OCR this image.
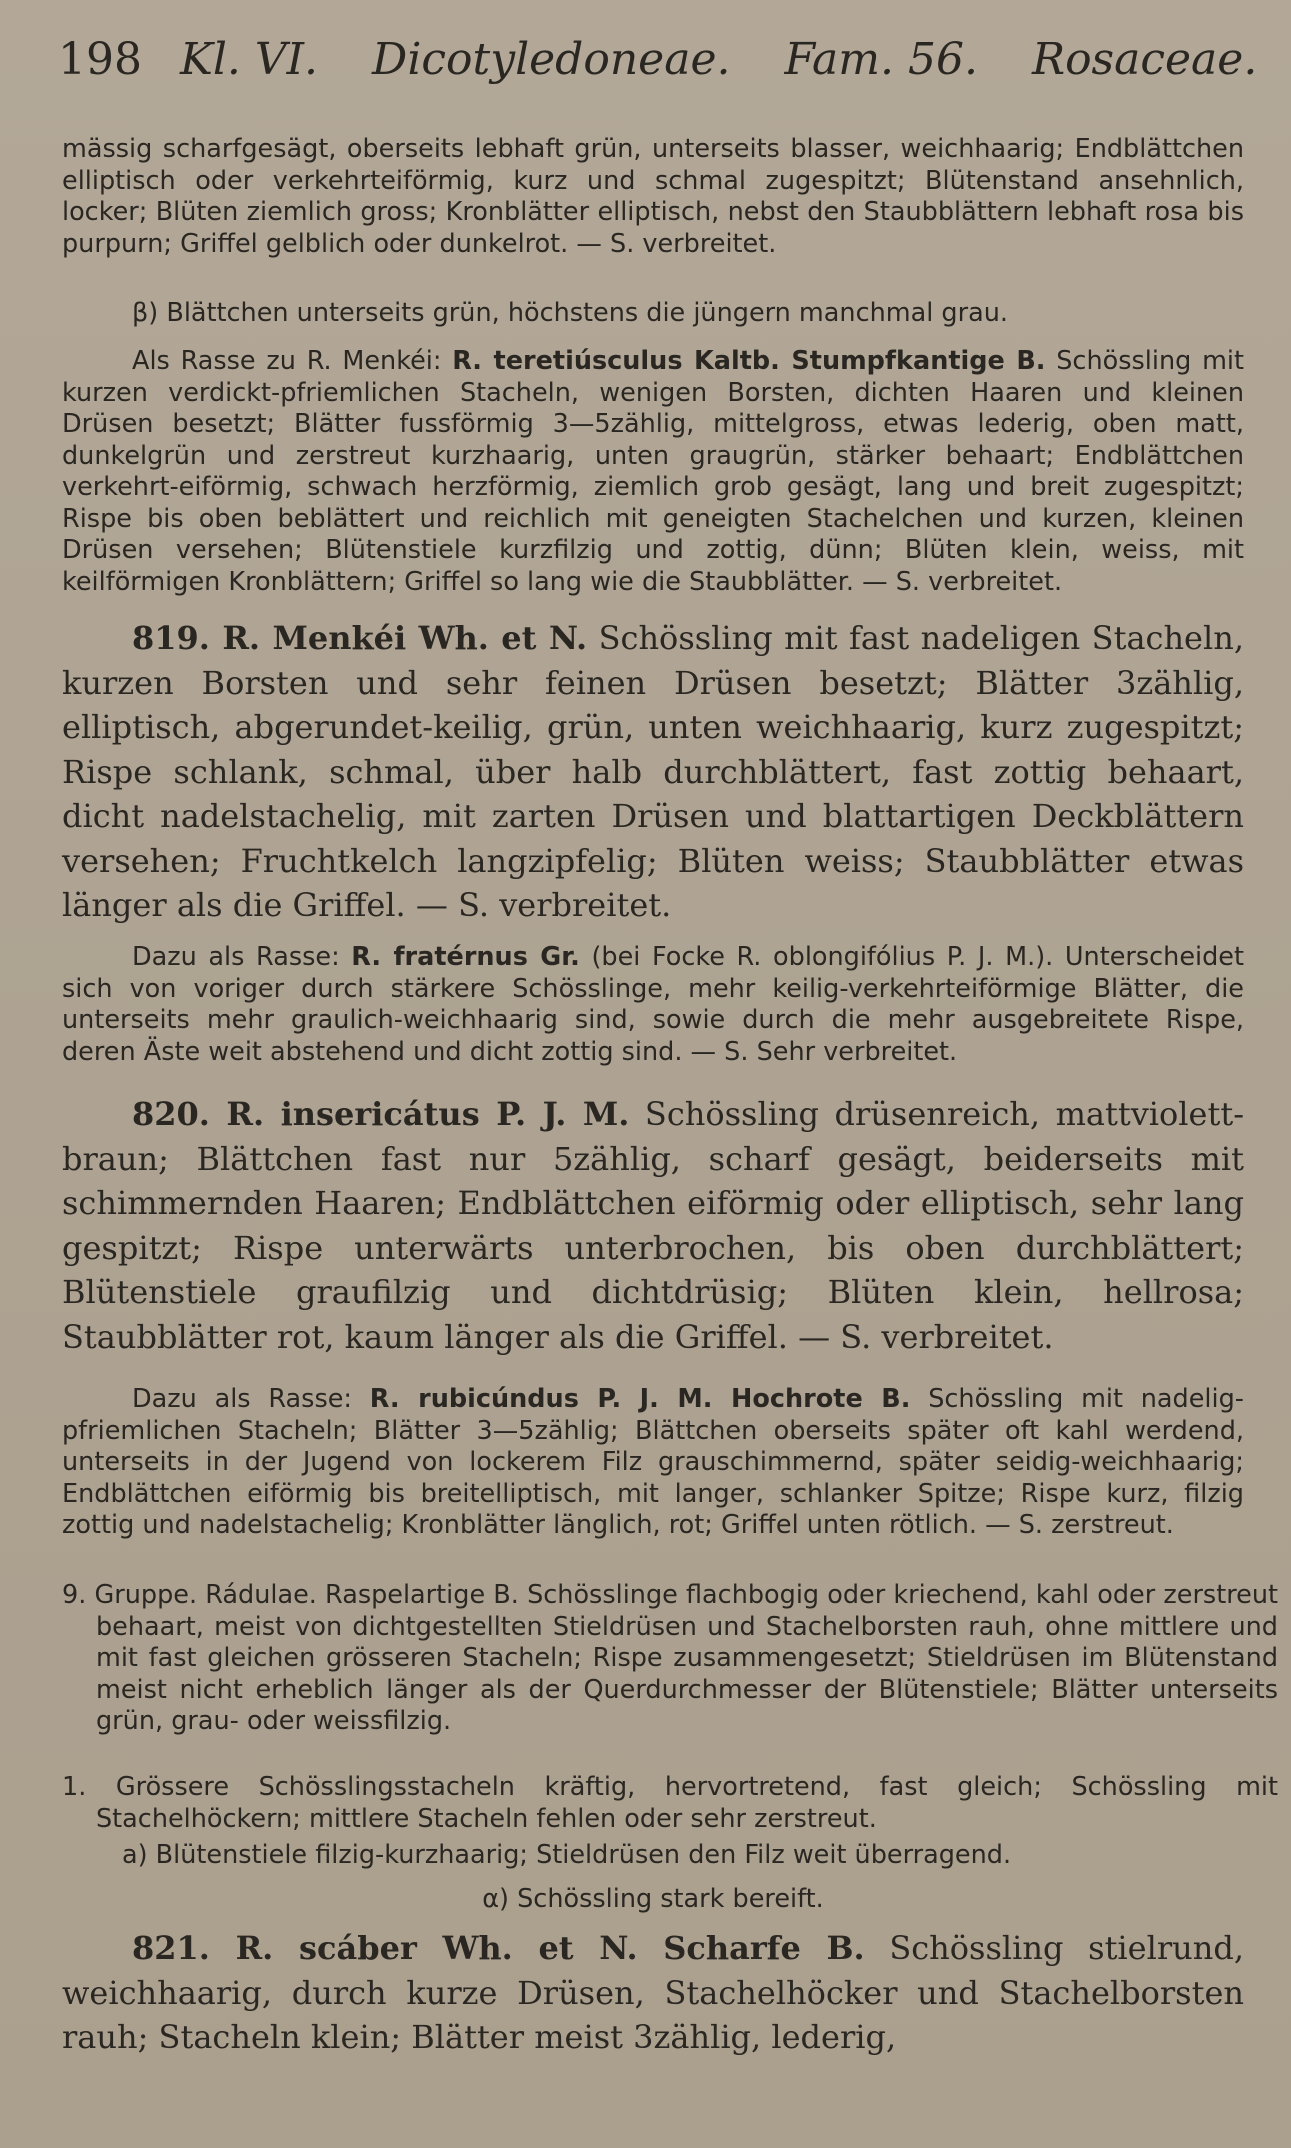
198 Kl. VI. Dicotyledoneae. Fam. 56. Rosaceae.
mässig scharfgesägt, oberseits lebhaft grün, unterseits blasser, weichhaarig; Endblättchen elliptisch oder verkehrteiförmig, kurz und schmal zugespitzt; Blütenstand ansehnlich, locker; Blüten ziemlich gross; Kronblätter elliptisch, nebst den Staubblättern lebhaft rosa bis purpurn; Griffel gelblich oder dunkelrot. — S. verbreitet.
β) Blättchen unterseits grün, höchstens die jüngern manchmal grau.
Als Rasse zu R. Menkéi: R. teretiúsculus Kaltb. Stumpfkantige B. Schössling mit kurzen verdickt-pfriemlichen Stacheln, wenigen Borsten, dichten Haaren und kleinen Drüsen besetzt; Blätter fussförmig 3—5zählig, mittelgross, etwas lederig, oben matt, dunkelgrün und zerstreut kurzhaarig, unten graugrün, stärker behaart; Endblättchen verkehrt-eiförmig, schwach herzförmig, ziemlich grob gesägt, lang und breit zugespitzt; Rispe bis oben beblättert und reichlich mit geneigten Stachelchen und kurzen, kleinen Drüsen versehen; Blütenstiele kurzfilzig und zottig, dünn; Blüten klein, weiss, mit keilförmigen Kronblättern; Griffel so lang wie die Staubblätter. — S. verbreitet.
819. R. Menkéi Wh. et N. Schössling mit fast nadeligen Stacheln, kurzen Borsten und sehr feinen Drüsen besetzt; Blätter 3zählig, elliptisch, abgerundet-keilig, grün, unten weichhaarig, kurz zugespitzt; Rispe schlank, schmal, über halb durchblättert, fast zottig behaart, dicht nadelstachelig, mit zarten Drüsen und blattartigen Deckblättern versehen; Fruchtkelch langzipfelig; Blüten weiss; Staubblätter etwas länger als die Griffel. — S. verbreitet.
Dazu als Rasse: R. fratérnus Gr. (bei Focke R. oblongifólius P. J. M.). Unterscheidet sich von voriger durch stärkere Schösslinge, mehr keilig-verkehrteiförmige Blätter, die unterseits mehr graulich-weichhaarig sind, sowie durch die mehr ausgebreitete Rispe, deren Äste weit abstehend und dicht zottig sind. — S. Sehr verbreitet.
820. R. insericátus P. J. M. Schössling drüsenreich, mattviolett-braun; Blättchen fast nur 5zählig, scharf gesägt, beiderseits mit schimmernden Haaren; Endblättchen eiförmig oder elliptisch, sehr lang gespitzt; Rispe unterwärts unterbrochen, bis oben durchblättert; Blütenstiele graufilzig und dichtdrüsig; Blüten klein, hellrosa; Staubblätter rot, kaum länger als die Griffel. — S. verbreitet.
Dazu als Rasse: R. rubicúndus P. J. M. Hochrote B. Schössling mit nadelig-pfriemlichen Stacheln; Blätter 3—5zählig; Blättchen oberseits später oft kahl werdend, unterseits in der Jugend von lockerem Filz grauschimmernd, später seidig-weichhaarig; Endblättchen eiförmig bis breitelliptisch, mit langer, schlanker Spitze; Rispe kurz, filzig zottig und nadelstachelig; Kronblätter länglich, rot; Griffel unten rötlich. — S. zerstreut.
9. Gruppe. Rádulae. Raspelartige B. Schösslinge flachbogig oder kriechend, kahl oder zerstreut behaart, meist von dichtgestellten Stieldrüsen und Stachelborsten rauh, ohne mittlere und mit fast gleichen grösseren Stacheln; Rispe zusammengesetzt; Stieldrüsen im Blütenstand meist nicht erheblich länger als der Querdurchmesser der Blütenstiele; Blätter unterseits grün, grau- oder weissfilzig.
1. Grössere Schösslingsstacheln kräftig, hervortretend, fast gleich; Schössling mit Stachelhöckern; mittlere Stacheln fehlen oder sehr zerstreut.
a) Blütenstiele filzig-kurzhaarig; Stieldrüsen den Filz weit überragend.
α) Schössling stark bereift.
821. R. scáber Wh. et N. Scharfe B. Schössling stielrund, weichhaarig, durch kurze Drüsen, Stachelhöcker und Stachelborsten rauh; Stacheln klein; Blätter meist 3zählig, lederig,
